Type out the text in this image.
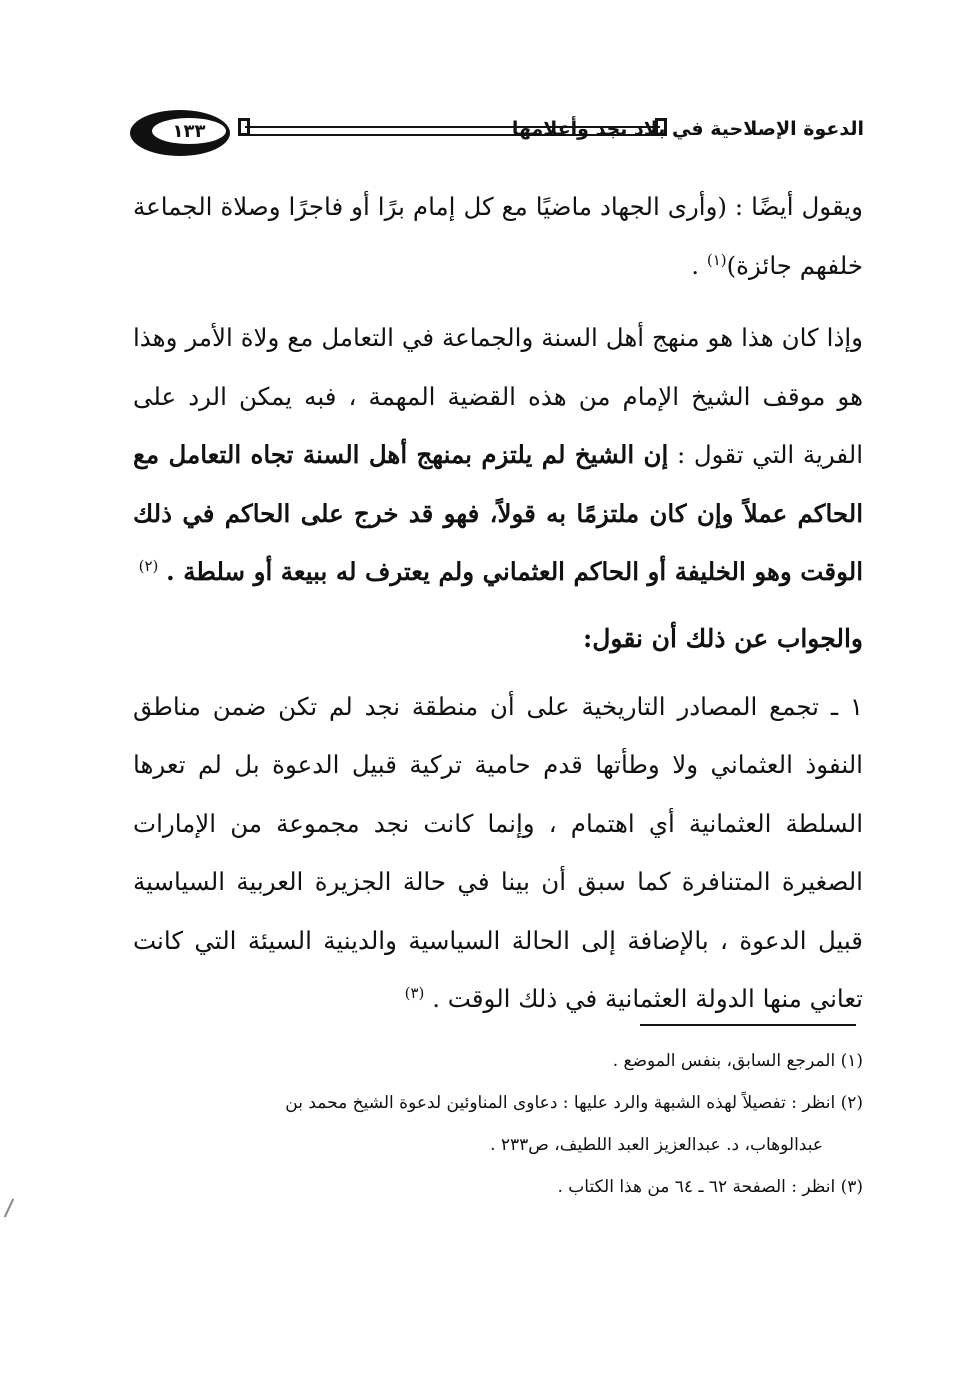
الدعوة الإصلاحية في بلاد نجد وأعلامها
١٣٣

ويقول أيضًا : (وأرى الجهاد ماضيًا مع كل إمام برًا أو فاجرًا وصلاة الجماعة خلفهم جائزة)$^{(١)}$ .

وإذا كان هذا هو منهج أهل السنة والجماعة في التعامل مع ولاة الأمر وهذا هو موقف الشيخ الإمام من هذه القضية المهمة ، فبه يمكن الرد على الفرية التي تقول : إن الشيخ لم يلتزم بمنهج أهل السنة تجاه التعامل مع الحاكم عملاً وإن كان ملتزمًا به قولاً، فهو قد خرج على الحاكم في ذلك الوقت وهو الخليفة أو الحاكم العثماني ولم يعترف له ببيعة أو سلطة . $^{(٢)}$

والجواب عن ذلك أن نقول:

١ ـ تجمع المصادر التاريخية على أن منطقة نجد لم تكن ضمن مناطق النفوذ العثماني ولا وطأتها قدم حامية تركية قبيل الدعوة بل لم تعرها السلطة العثمانية أي اهتمام ، وإنما كانت نجد مجموعة من الإمارات الصغيرة المتنافرة كما سبق أن بينا في حالة الجزيرة العربية السياسية قبيل الدعوة ، بالإضافة إلى الحالة السياسية والدينية السيئة التي كانت تعاني منها الدولة العثمانية في ذلك الوقت . $^{(٣)}$

(١) المرجع السابق، بنفس الموضع .

(٢) انظر : تفصيلاً لهذه الشبهة والرد عليها : دعاوى المناوئين لدعوة الشيخ محمد بن

عبدالوهاب، د. عبدالعزيز العبد اللطيف، ص٢٣٣ .

(٣) انظر : الصفحة ٦٢ ـ ٦٤ من هذا الكتاب .
